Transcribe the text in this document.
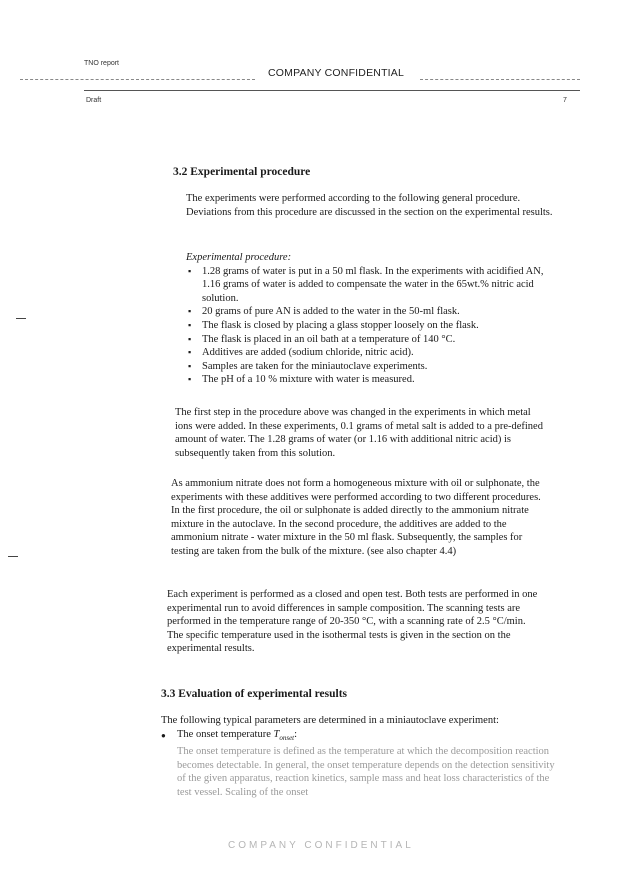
TNO report
COMPANY CONFIDENTIAL
Draft	7
3.2 Experimental procedure

The experiments were performed according to the following general procedure. Deviations from this procedure are discussed in the section on the experimental results.

Experimental procedure:

▪ 1.28 grams of water is put in a 50 ml flask. In the experiments with acidified AN, 1.16 grams of water is added to compensate the water in the 65wt.% nitric acid solution.
▪ 20 grams of pure AN is added to the water in the 50-ml flask.
▪ The flask is closed by placing a glass stopper loosely on the flask.
▪ The flask is placed in an oil bath at a temperature of 140 °C.
▪ Additives are added (sodium chloride, nitric acid).
▪ Samples are taken for the miniautoclave experiments.
▪ The pH of a 10 % mixture with water is measured.

The first step in the procedure above was changed in the experiments in which metal ions were added. In these experiments, 0.1 grams of metal salt is added to a pre-defined amount of water. The 1.28 grams of water (or 1.16 with additional nitric acid) is subsequently taken from this solution.

As ammonium nitrate does not form a homogeneous mixture with oil or sulphonate, the experiments with these additives were performed according to two different procedures. In the first procedure, the oil or sulphonate is added directly to the ammonium nitrate mixture in the autoclave. In the second procedure, the additives are added to the ammonium nitrate - water mixture in the 50 ml flask. Subsequently, the samples for testing are taken from the bulk of the mixture. (see also chapter 4.4)

Each experiment is performed as a closed and open test. Both tests are performed in one experimental run to avoid differences in sample composition. The scanning tests are performed in the temperature range of 20-350 °C, with a scanning rate of 2.5 °C/min. The specific temperature used in the isothermal tests is given in the section on the experimental results.

3.3 Evaluation of experimental results

The following typical parameters are determined in a miniautoclave experiment:

● The onset temperature $T_{onset}$:

The onset temperature is defined as the temperature at which the decomposition reaction becomes detectable. In general, the onset temperature depends on the detection sensitivity of the given apparatus, reaction kinetics, sample mass and heat loss characteristics of the test vessel. Scaling of the onset

COMPANY CONFIDENTIAL
